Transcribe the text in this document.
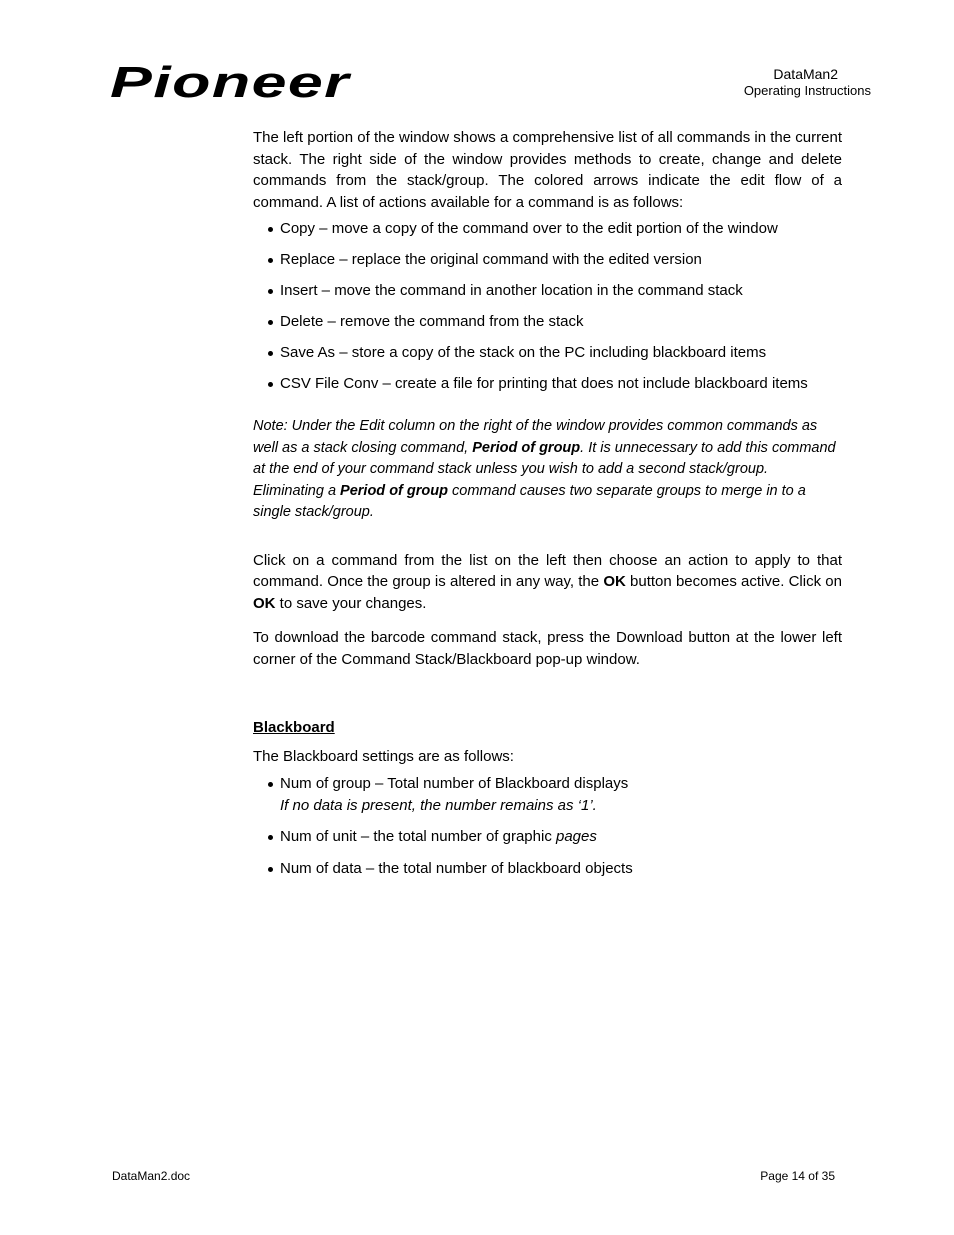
Pioneer	DataMan2
Operating Instructions

The left portion of the window shows a comprehensive list of all commands in the current stack. The right side of the window provides methods to create, change and delete commands from the stack/group. The colored arrows indicate the edit flow of a command. A list of actions available for a command is as follows:

Copy – move a copy of the command over to the edit portion of the window
Replace – replace the original command with the edited version
Insert – move the command in another location in the command stack
Delete – remove the command from the stack
Save As – store a copy of the stack on the PC including blackboard items
CSV File Conv – create a file for printing that does not include blackboard items

Note: Under the Edit column on the right of the window provides common commands as well as a stack closing command, Period of group. It is unnecessary to add this command at the end of your command stack unless you wish to add a second stack/group. Eliminating a Period of group command causes two separate groups to merge in to a single stack/group.

Click on a command from the list on the left then choose an action to apply to that command. Once the group is altered in any way, the OK button becomes active. Click on OK to save your changes.

To download the barcode command stack, press the Download button at the lower left corner of the Command Stack/Blackboard pop-up window.

Blackboard

The Blackboard settings are as follows:

Num of group – Total number of Blackboard displays
If no data is present, the number remains as ‘1’.
Num of unit – the total number of graphic pages
Num of data – the total number of blackboard objects
DataMan2.doc	Page 14 of 35
